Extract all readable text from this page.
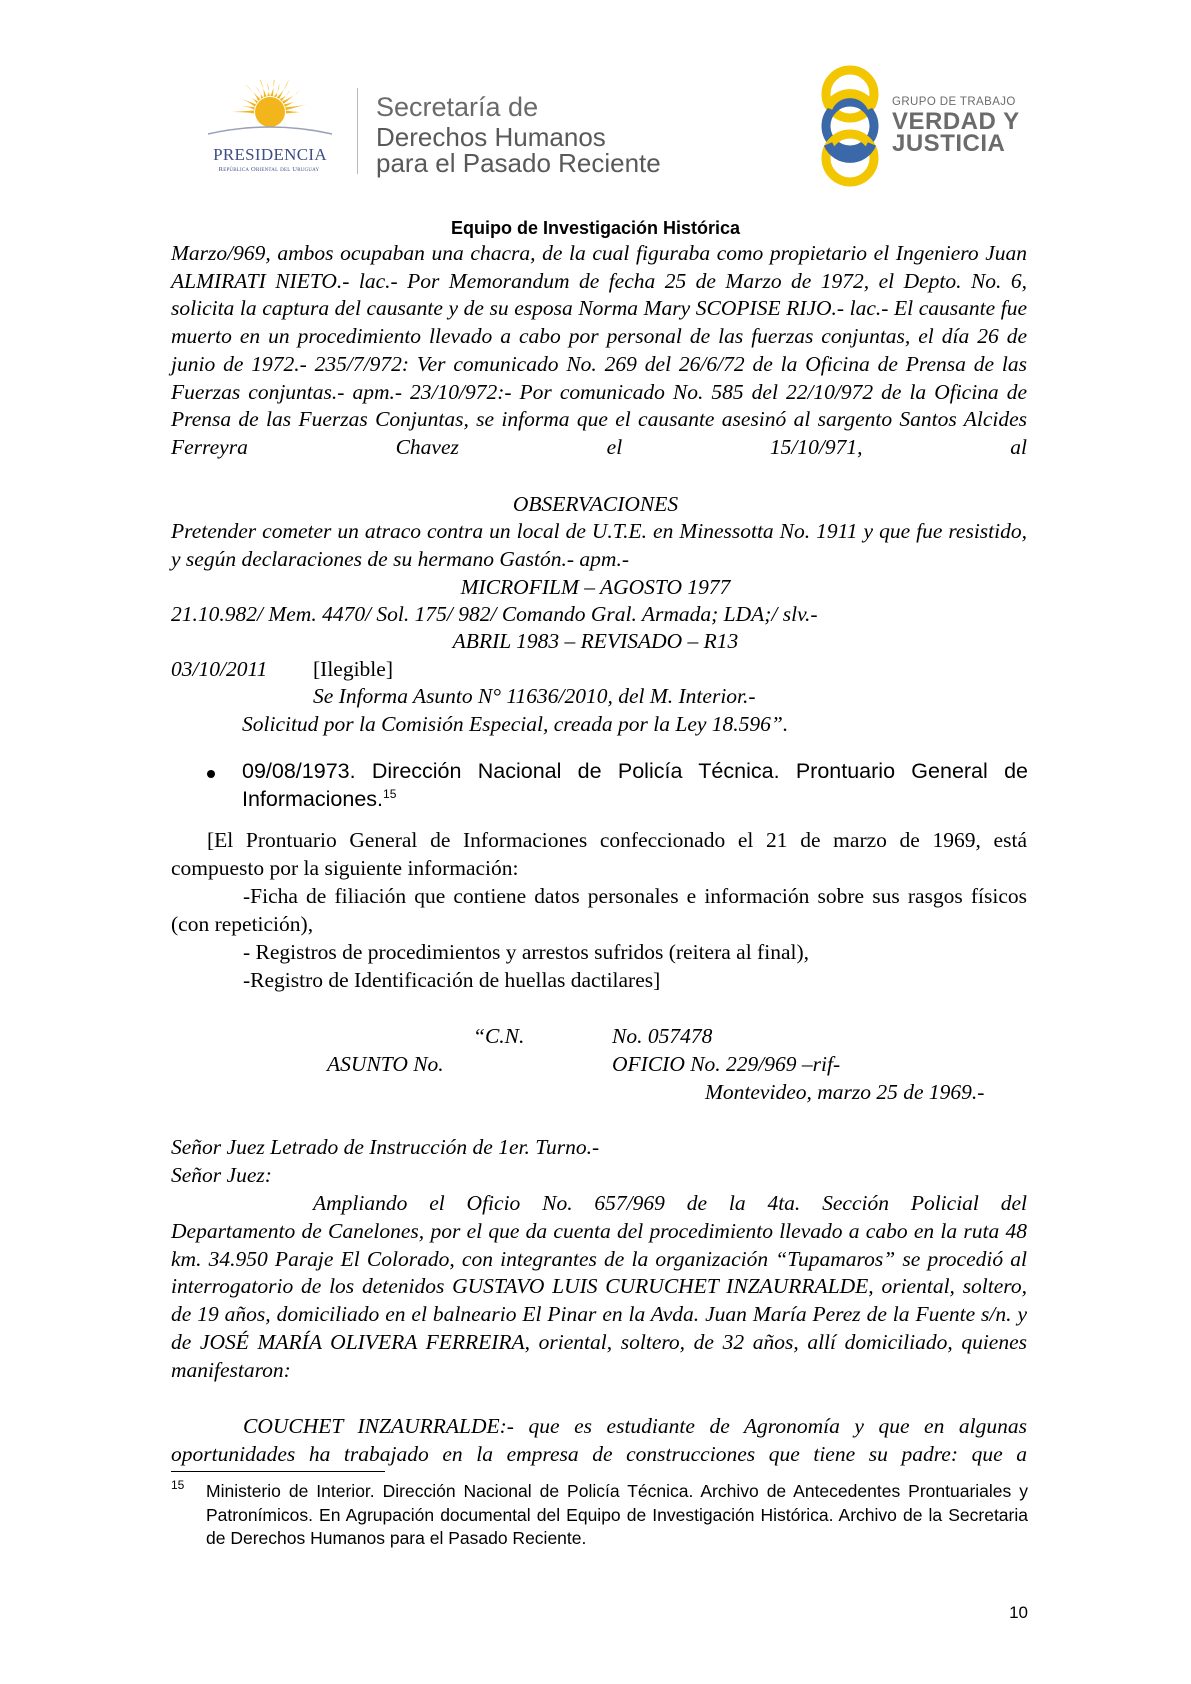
PRESIDENCIA
República Oriental del Uruguay
Secretaría de
Derechos Humanos
para el Pasado Reciente
GRUPO DE TRABAJO
VERDAD Y
JUSTICIA
Equipo de Investigación Histórica
Marzo/969, ambos ocupaban una chacra, de la cual figuraba como propietario el Ingeniero Juan ALMIRATI NIETO.- lac.- Por Memorandum de fecha 25 de Marzo de 1972, el Depto. No. 6, solicita la captura del causante y de su esposa Norma Mary SCOPISE RIJO.- lac.- El causante fue muerto en un procedimiento llevado a cabo por personal de las fuerzas conjuntas, el día 26 de junio de 1972.- 235/7/972: Ver comunicado No. 269 del 26/6/72 de la Oficina de Prensa de las Fuerzas conjuntas.- apm.- 23/10/972:- Por comunicado No. 585 del 22/10/972 de la Oficina de Prensa de las Fuerzas Conjuntas, se informa que el causante asesinó al sargento Santos Alcides Ferreyra Chavez el 15/10/971, al
OBSERVACIONES
Pretender cometer un atraco contra un local de U.T.E. en Minessotta No. 1911 y que fue resistido, y según declaraciones de su hermano Gastón.- apm.-
MICROFILM – AGOSTO 1977
21.10.982/ Mem. 4470/ Sol. 175/ 982/ Comando Gral. Armada; LDA;/ slv.-
ABRIL 1983 – REVISADO – R13
03/10/2011 [Ilegible]
Se Informa Asunto N° 11636/2010, del M. Interior.-
Solicitud por la Comisión Especial, creada por la Ley 18.596”.
09/08/1973. Dirección Nacional de Policía Técnica. Prontuario General de Informaciones.$^{15}$
[El Prontuario General de Informaciones confeccionado el 21 de marzo de 1969, está compuesto por la siguiente información:
-Ficha de filiación que contiene datos personales e información sobre sus rasgos físicos (con repetición),
- Registros de procedimientos y arrestos sufridos (reitera al final),
-Registro de Identificación de huellas dactilares]
“C.N.	No. 057478
ASUNTO No.	OFICIO No. 229/969 –rif-
Montevideo, marzo 25 de 1969.-
Señor Juez Letrado de Instrucción de 1er. Turno.-
Señor Juez:
Ampliando el Oficio No. 657/969 de la 4ta. Sección Policial del
Departamento de Canelones, por el que da cuenta del procedimiento llevado a cabo en la ruta 48 km. 34.950 Paraje El Colorado, con integrantes de la organización “Tupamaros” se procedió al interrogatorio de los detenidos GUSTAVO LUIS CURUCHET INZAURRALDE, oriental, soltero, de 19 años, domiciliado en el balneario El Pinar en la Avda. Juan María Perez de la Fuente s/n. y de JOSÉ MARÍA OLIVERA FERREIRA, oriental, soltero, de 32 años, allí domiciliado, quienes manifestaron:
COUCHET INZAURRALDE:- que es estudiante de Agronomía y que en algunas
oportunidades ha trabajado en la empresa de construcciones que tiene su padre: que a
15 Ministerio de Interior. Dirección Nacional de Policía Técnica. Archivo de Antecedentes Prontuariales y Patronímicos. En Agrupación documental del Equipo de Investigación Histórica. Archivo de la Secretaria de Derechos Humanos para el Pasado Reciente.
10
